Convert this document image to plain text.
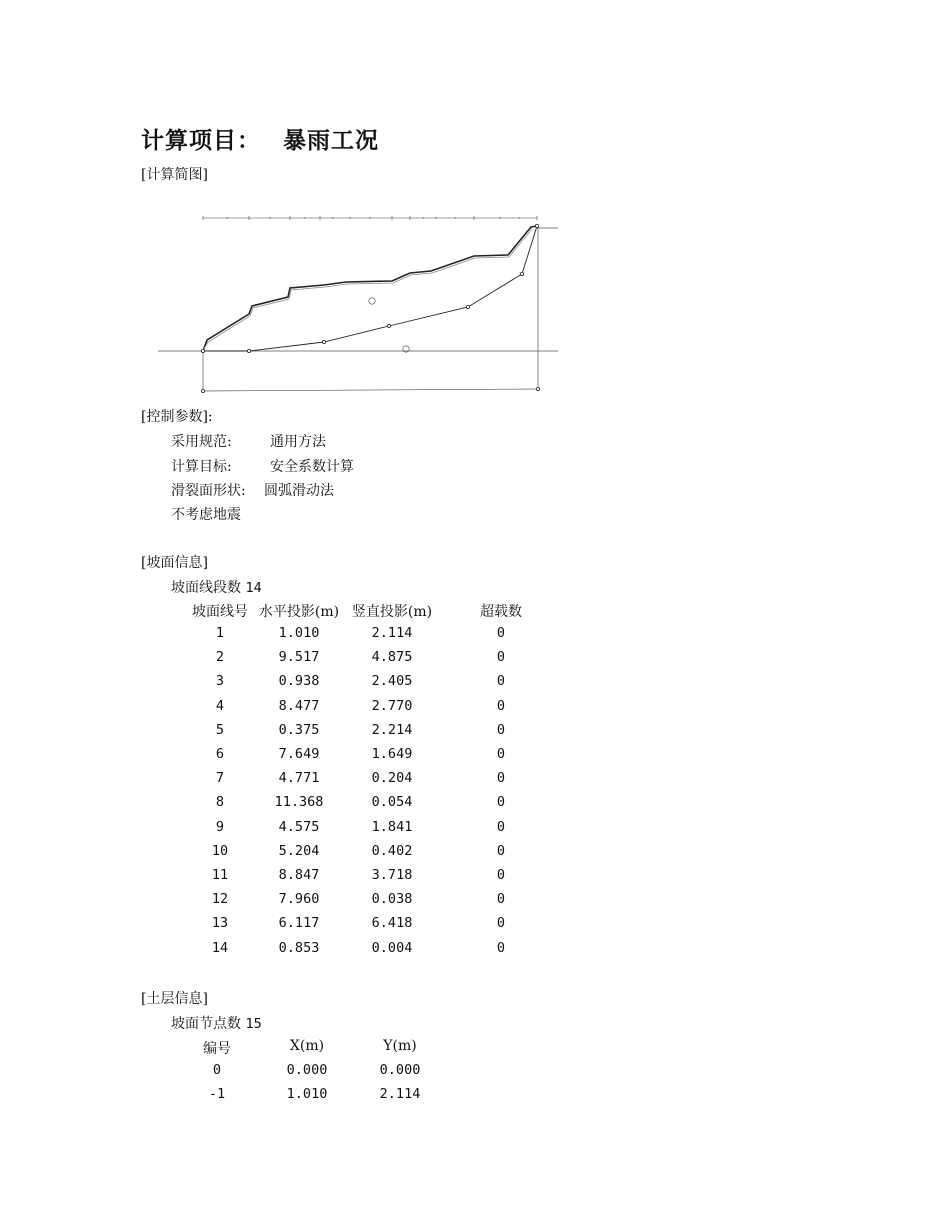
计算项目： 暴雨工况
[计算简图]
[控制参数]:
采用规范:	通用方法
计算目标:	安全系数计算
滑裂面形状: 圆弧滑动法
不考虑地震
[坡面信息]
坡面线段数 14
坡面线号 水平投影(m) 竖直投影(m)	超载数
1	1.010	2.114	0
2	9.517	4.875	0
3	0.938	2.405	0
4	8.477	2.770	0
5	0.375	2.214	0
6	7.649	1.649	0
7	4.771	0.204	0
8	11.368	0.054	0
9	4.575	1.841	0
10	5.204	0.402	0
11	8.847	3.718	0
12	7.960	0.038	0
13	6.117	6.418	0
14	0.853	0.004	0
[土层信息]
坡面节点数 15
编号	X(m)	Y(m)
0	0.000	0.000
-1	1.010	2.114
